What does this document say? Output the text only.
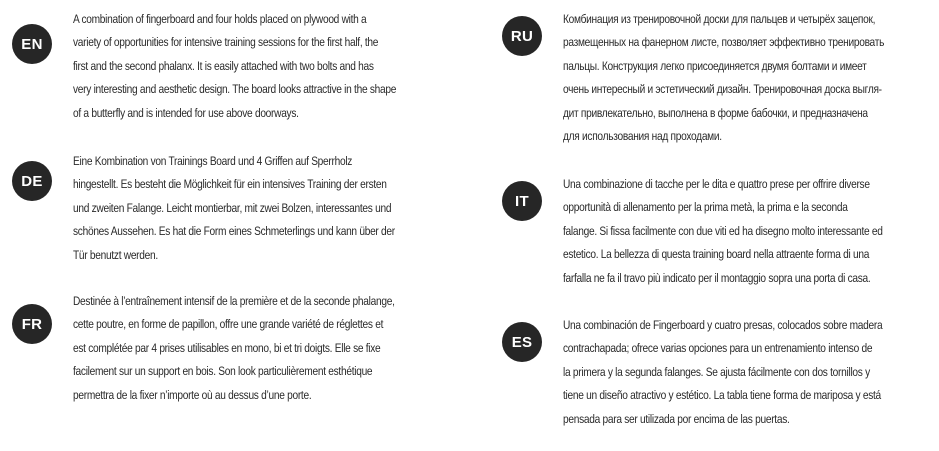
EN
A combination of fingerboard and four holds placed on plywood with a
variety of opportunities for intensive training sessions for the first half, the
first and the second phalanx. It is easily attached with two bolts and has
very interesting and aesthetic design. The board looks attractive in the shape
of a butterfly and is intended for use above doorways.
DE
Eine Kombination von Trainings Board und 4 Griffen auf Sperrholz
hingestellt. Es besteht die Möglichkeit für ein intensives Training der ersten
und zweiten Falange. Leicht montierbar, mit zwei Bolzen, interessantes und
schönes Aussehen. Es hat die Form eines Schmeterlings und kann über der
Tür benutzt werden.
FR
Destinée à l’entraînement intensif de la première et de la seconde phalange,
cette poutre, en forme de papillon, offre une grande variété de réglettes et
est complétée par 4 prises utilisables en mono, bi et tri doigts. Elle se fixe
facilement sur un support en bois. Son look particulièrement esthétique
permettra de la fixer n’importe où au dessus d’une porte.
RU
Комбинация из тренировочной доски для пальцев и четырёх зацепок,
размещенных на фанерном листе, позволяет эффективно тренировать
пальцы. Конструкция легко присоединяется двумя болтами и имеет
очень интересный и эстетический дизайн. Тренировочная доска выгля-
дит привлекательно, выполнена в форме бабочки, и предназначена
для использования над проходами.
IT
Una combinazione di tacche per le dita e quattro prese per offrire diverse
opportunità di allenamento per la prima metà, la prima e la seconda
falange. Si fissa facilmente con due viti ed ha disegno molto interessante ed
estetico. La bellezza di questa training board nella attraente forma di una
farfalla ne fa il travo più indicato per il montaggio sopra una porta di casa.
ES
Una combinación de Fingerboard y cuatro presas, colocados sobre madera
contrachapada; ofrece varias opciones para un entrenamiento intenso de
la primera y la segunda falanges. Se ajusta fácilmente con dos tornillos y
tiene un diseño atractivo y estético. La tabla tiene forma de mariposa y está
pensada para ser utilizada por encima de las puertas.
